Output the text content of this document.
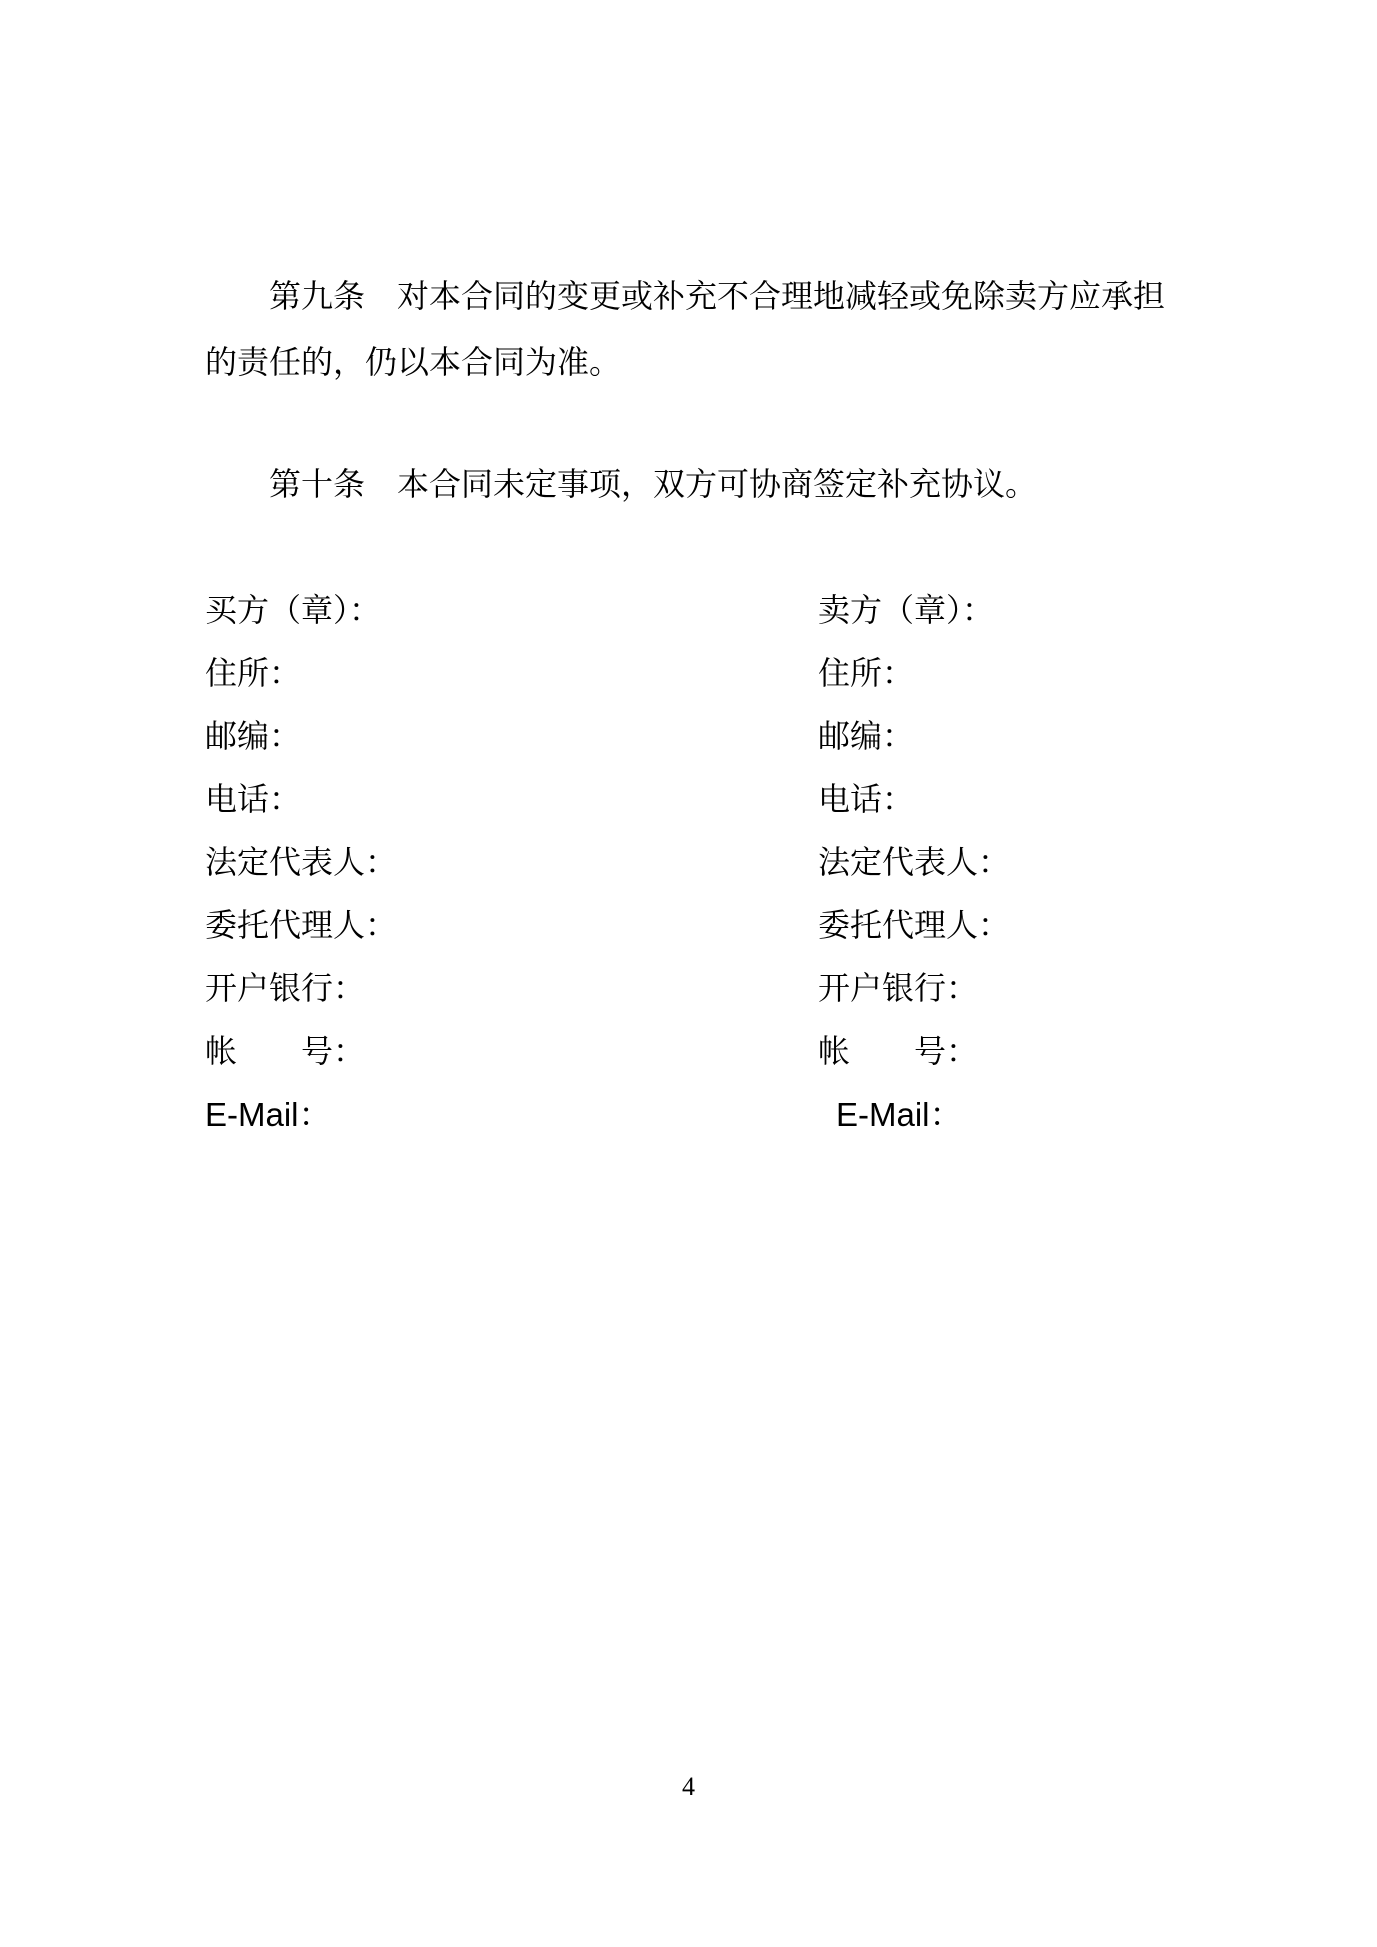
第九条 对本合同的变更或补充不合理地减轻或免除卖方应承担的责任的，仍以本合同为准。

第十条 本合同未定事项，双方可协商签定补充协议。

买方（章）：
住所：
邮编：
电话：
法定代表人：
委托代理人：
开户银行：
帐 号：
E-Mail：
卖方（章）：
住所：
邮编：
电话：
法定代表人：
委托代理人：
开户银行：
帐 号：
E-Mail：
4
